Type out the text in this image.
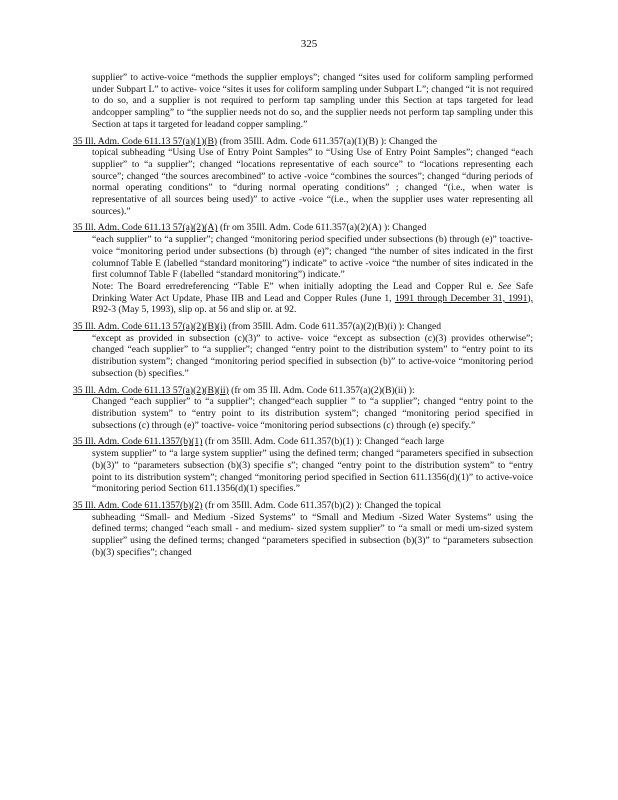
325
supplier” to active-voice “methods the supplier employs”; changed “sites used for coliform sampling performed under Subpart L” to active- voice “sites it uses for coliform sampling under Subpart L”; changed “it is not required to do so, and a supplier is not required to perform tap sampling under this Section at taps targeted for lead andcopper sampling” to “the supplier needs not do so, and the supplier needs not perform tap sampling under this Section at taps it targeted for leadand copper sampling.”

35 Ill. Adm. Code 611.13 57(a)(1)(B) (from 35Ill. Adm. Code 611.357(a)(1)(B) ): Changed the

topical subheading “Using Use of Entry Point Samples” to “Using Use of Entry Point Samples”; changed “each supplier” to “a supplier”; changed “locations representative of each source” to “locations representing each source”; changed “the sources arecombined” to active -voice “combines the sources”; changed “during periods of normal operating conditions” to “during normal operating conditions” ; changed “(i.e., when water is representative of all sources being used)” to active -voice “(i.e., when the supplier uses water representing all sources).”

35 Ill. Adm. Code 611.13 57(a)(2)(A) (fr om 35Ill. Adm. Code 611.357(a)(2)(A) ): Changed

“each supplier” to “a supplier”; changed “monitoring period specified under subsections (b) through (e)” toactive-voice “monitoring period under subsections (b) through (e)”; changed “the number of sites indicated in the first columnof Table E (labelled “standard monitoring”) indicate” to active -voice “the number of sites indicated in the first columnof Table F (labelled “standard monitoring”) indicate.”

Note: The Board erredreferencing “Table E” when initially adopting the Lead and Copper Rul e. See Safe Drinking Water Act Update, Phase IIB and Lead and Copper Rules (June 1, 1991 through December 31, 1991), R92-3 (May 5, 1993), slip op. at 56 and slip or. at 92.

35 Ill. Adm. Code 611.13 57(a)(2)(B)(i) (from 35Ill. Adm. Code 611.357(a)(2)(B)(i) ): Changed

“except as provided in subsection (c)(3)” to active- voice “except as subsection (c)(3) provides otherwise”; changed “each supplier” to “a supplier”; changed “entry point to the distribution system” to “entry point to its distribution system”; changed “monitoring period specified in subsection (b)” to active-voice “monitoring period subsection (b) specifies.”

35 Ill. Adm. Code 611.13 57(a)(2)(B)(ii) (fr om 35 Ill. Adm. Code 611.357(a)(2)(B)(ii) ):

Changed “each supplier” to “a supplier”; changed“each supplier ” to “a supplier”; changed “entry point to the distribution system” to “entry point to its distribution system”; changed “monitoring period specified in subsections (c) through (e)” toactive- voice “monitoring period subsections (c) through (e) specify.”

35 Ill. Adm. Code 611.1357(b)(1) (fr om 35Ill. Adm. Code 611.357(b)(1) ): Changed “each large

system supplier” to “a large system supplier” using the defined term; changed “parameters specified in subsection (b)(3)” to “parameters subsection (b)(3) specifie s”; changed “entry point to the distribution system” to “entry point to its distribution system”; changed “monitoring period specified in Section 611.1356(d)(1)” to active-voice “monitoring period Section 611.1356(d)(1) specifies.”

35 Ill. Adm. Code 611.1357(b)(2) (fr om 35Ill. Adm. Code 611.357(b)(2) ): Changed the topical

subheading “Small- and Medium -Sized Systems” to “Small and Medium -Sized Water Systems” using the defined terms; changed “each small - and medium- sized system supplier” to “a small or medi um-sized system supplier” using the defined terms; changed “parameters specified in subsection (b)(3)” to “parameters subsection (b)(3) specifies”; changed
